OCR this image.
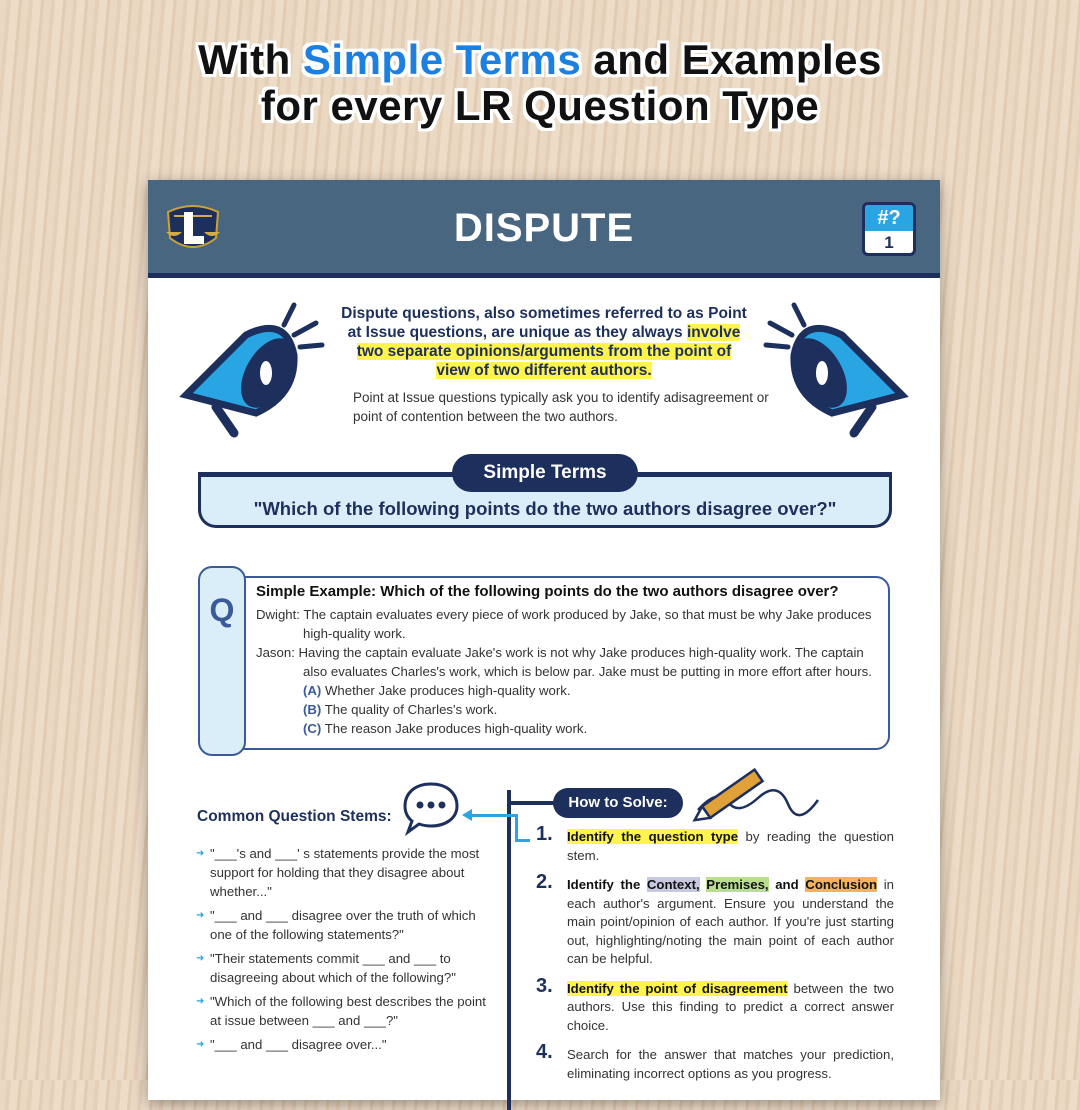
With Simple Terms and Examples
for every LR Question Type
DISPUTE	#?
1
Dispute questions, also sometimes referred to as Point at Issue questions, are unique as they always involve two separate opinions/arguments from the point of view of two different authors.
Point at Issue questions typically ask you to identify adisagreement or point of contention between the two authors.
Simple Terms
"Which of the following points do the two authors disagree over?"
Q
Simple Example: Which of the following points do the two authors disagree over?
Dwight: The captain evaluates every piece of work produced by Jake, so that must be why Jake produces
high-quality work.
Jason: Having the captain evaluate Jake's work is not why Jake produces high-quality work. The captain
also evaluates Charles's work, which is below par. Jake must be putting in more effort after hours.
(A) Whether Jake produces high-quality work.
(B) The quality of Charles's work.
(C) The reason Jake produces high-quality work.
Common Question Stems:
➜ "___'s and ___' s statements provide the most support for holding that they disagree about whether..."
➜ "___ and ___ disagree over the truth of which one of the following statements?"
➜ "Their statements commit ___ and ___ to disagreeing about which of the following?"
➜ "Which of the following best describes the point at issue between ___ and ___?"
➜ "___ and ___ disagree over..."
How to Solve:
1. Identify the question type by reading the question stem.
2. Identify the Context, Premises, and Conclusion in each author's argument. Ensure you understand the main point/opinion of each author. If you're just starting out, highlighting/noting the main point of each author can be helpful.
3. Identify the point of disagreement between the two authors. Use this finding to predict a correct answer choice.
4. Search for the answer that matches your prediction, eliminating incorrect options as you progress.
